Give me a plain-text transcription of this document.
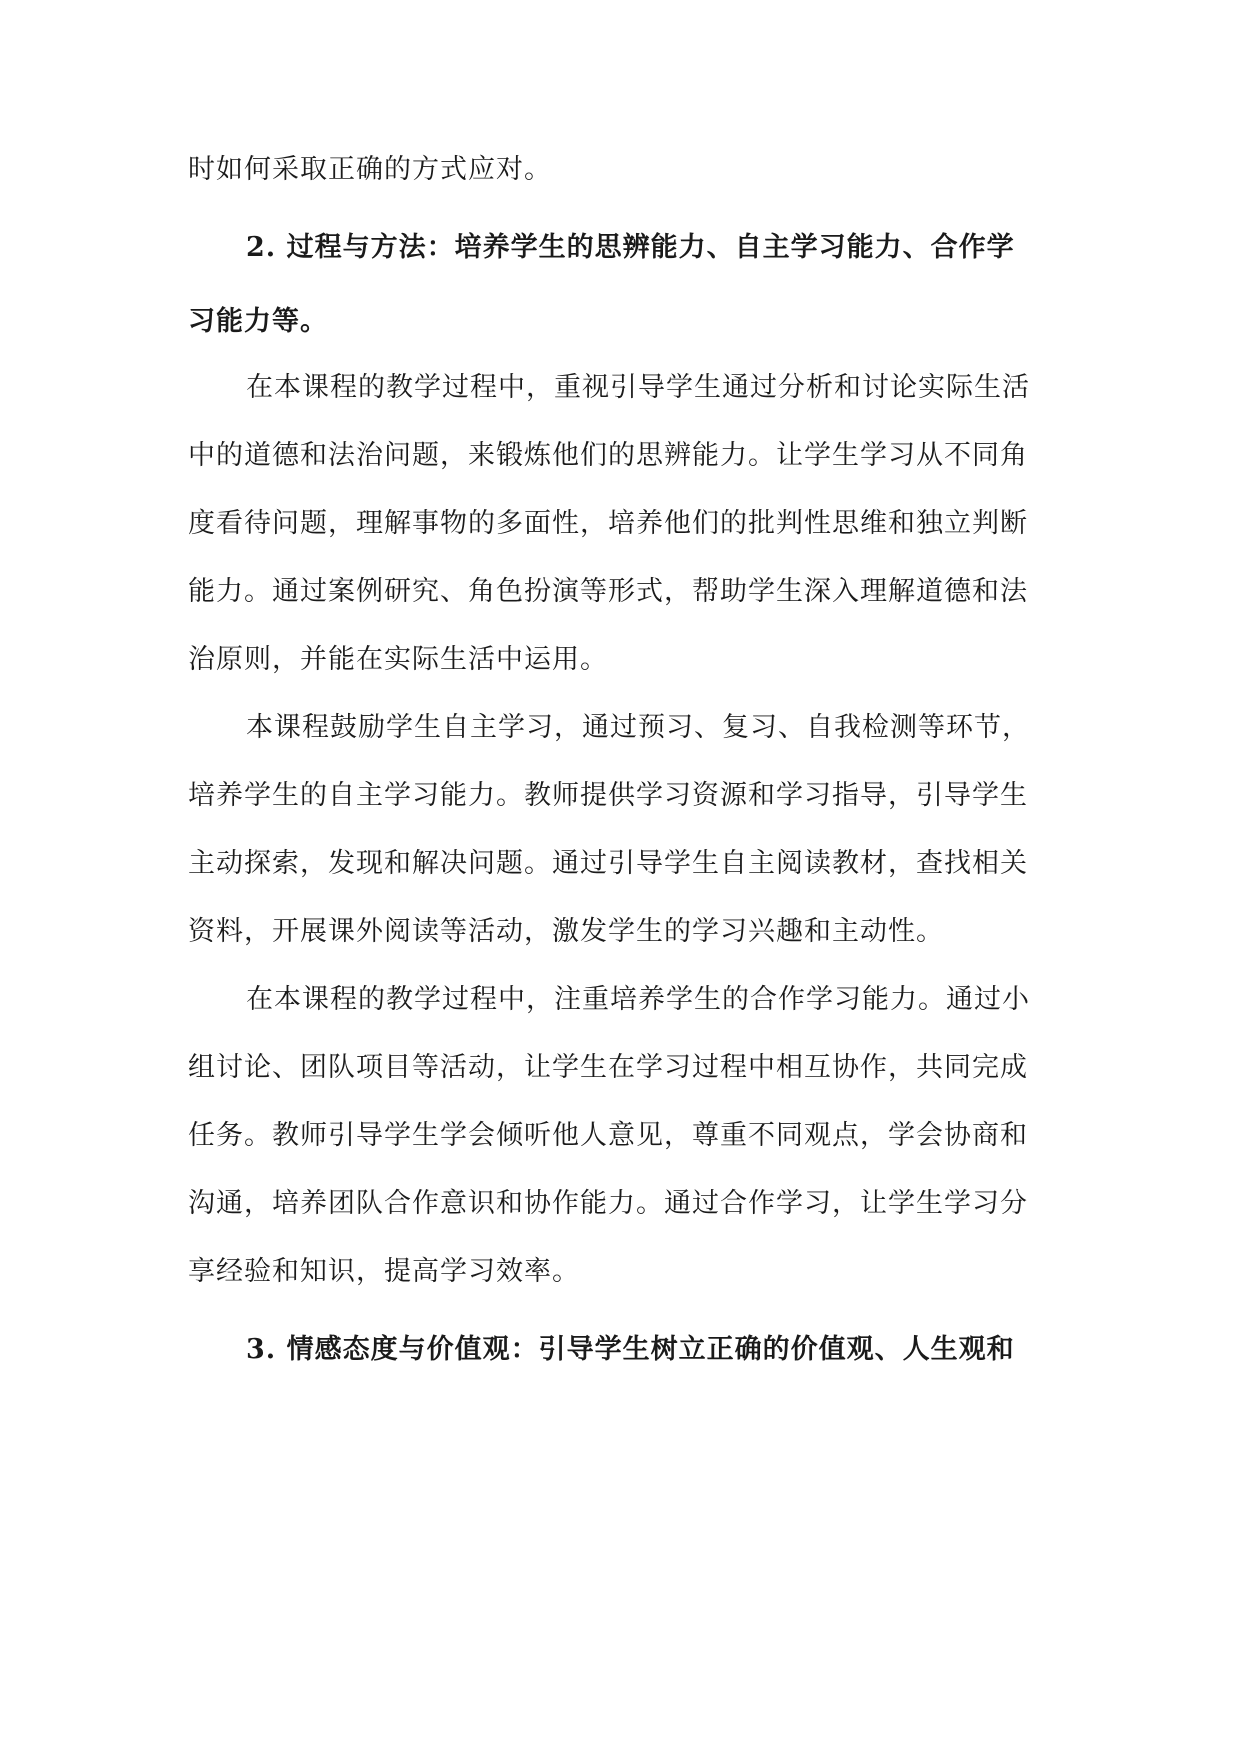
时如何采取正确的方式应对。
2. 过程与方法：培养学生的思辨能力、自主学习能力、合作学
习能力等。
在本课程的教学过程中，重视引导学生通过分析和讨论实际生活
中的道德和法治问题，来锻炼他们的思辨能力。让学生学习从不同角
度看待问题，理解事物的多面性，培养他们的批判性思维和独立判断
能力。通过案例研究、角色扮演等形式，帮助学生深入理解道德和法
治原则，并能在实际生活中运用。
本课程鼓励学生自主学习，通过预习、复习、自我检测等环节，
培养学生的自主学习能力。教师提供学习资源和学习指导，引导学生
主动探索，发现和解决问题。通过引导学生自主阅读教材，查找相关
资料，开展课外阅读等活动，激发学生的学习兴趣和主动性。
在本课程的教学过程中，注重培养学生的合作学习能力。通过小
组讨论、团队项目等活动，让学生在学习过程中相互协作，共同完成
任务。教师引导学生学会倾听他人意见，尊重不同观点，学会协商和
沟通，培养团队合作意识和协作能力。通过合作学习，让学生学习分
享经验和知识，提高学习效率。
3. 情感态度与价值观：引导学生树立正确的价值观、人生观和
